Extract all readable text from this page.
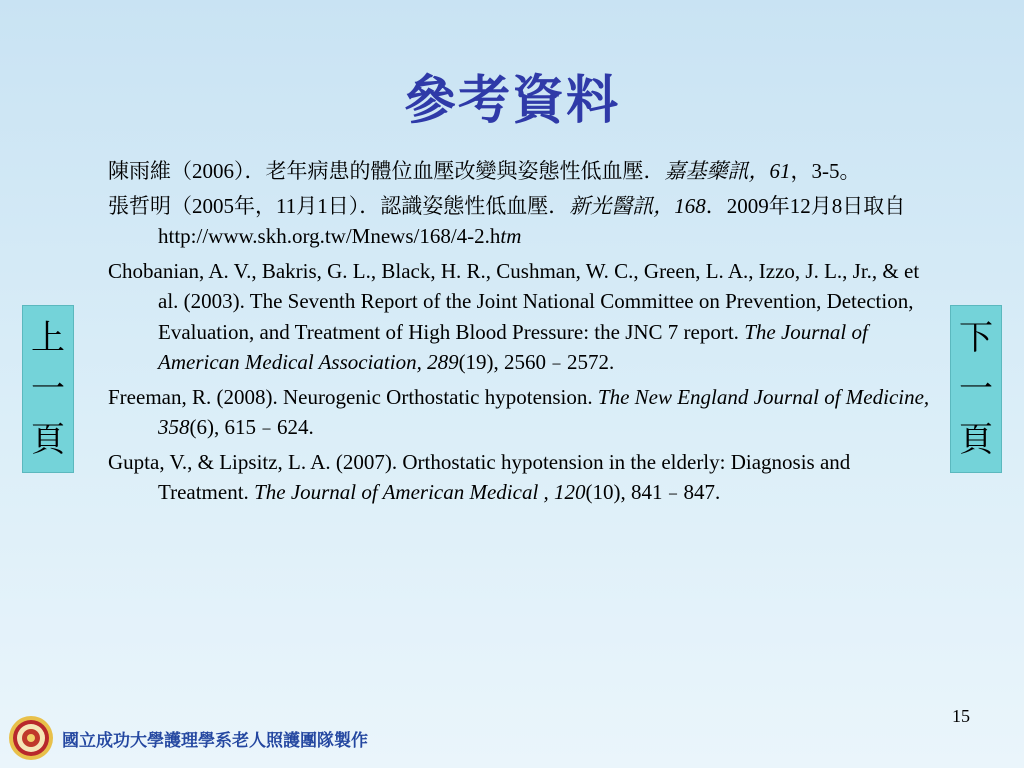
參考資料

陳雨維（2006）．老年病患的體位血壓改變與姿態性低血壓．嘉基藥訊，61，3-5。

張哲明（2005年，11月1日）．認識姿態性低血壓．新光醫訊，168．2009年12月8日取自http://www.skh.org.tw/Mnews/168/4-2.htm

Chobanian, A. V., Bakris, G. L., Black, H. R., Cushman, W. C., Green, L. A., Izzo, J. L., Jr., & et al. (2003). The Seventh Report of the Joint National Committee on Prevention, Detection, Evaluation, and Treatment of High Blood Pressure: the JNC 7 report. The Journal of American Medical Association, 289(19), 2560﹣2572.

Freeman, R. (2008). Neurogenic Orthostatic hypotension. The New England Journal of Medicine, 358(6), 615﹣624.

Gupta, V., & Lipsitz, L. A. (2007). Orthostatic hypotension in the elderly: Diagnosis and Treatment. The Journal of American Medical , 120(10), 841﹣847.

上
一
頁
下
一
頁
15
國立成功大學護理學系老人照護團隊製作
